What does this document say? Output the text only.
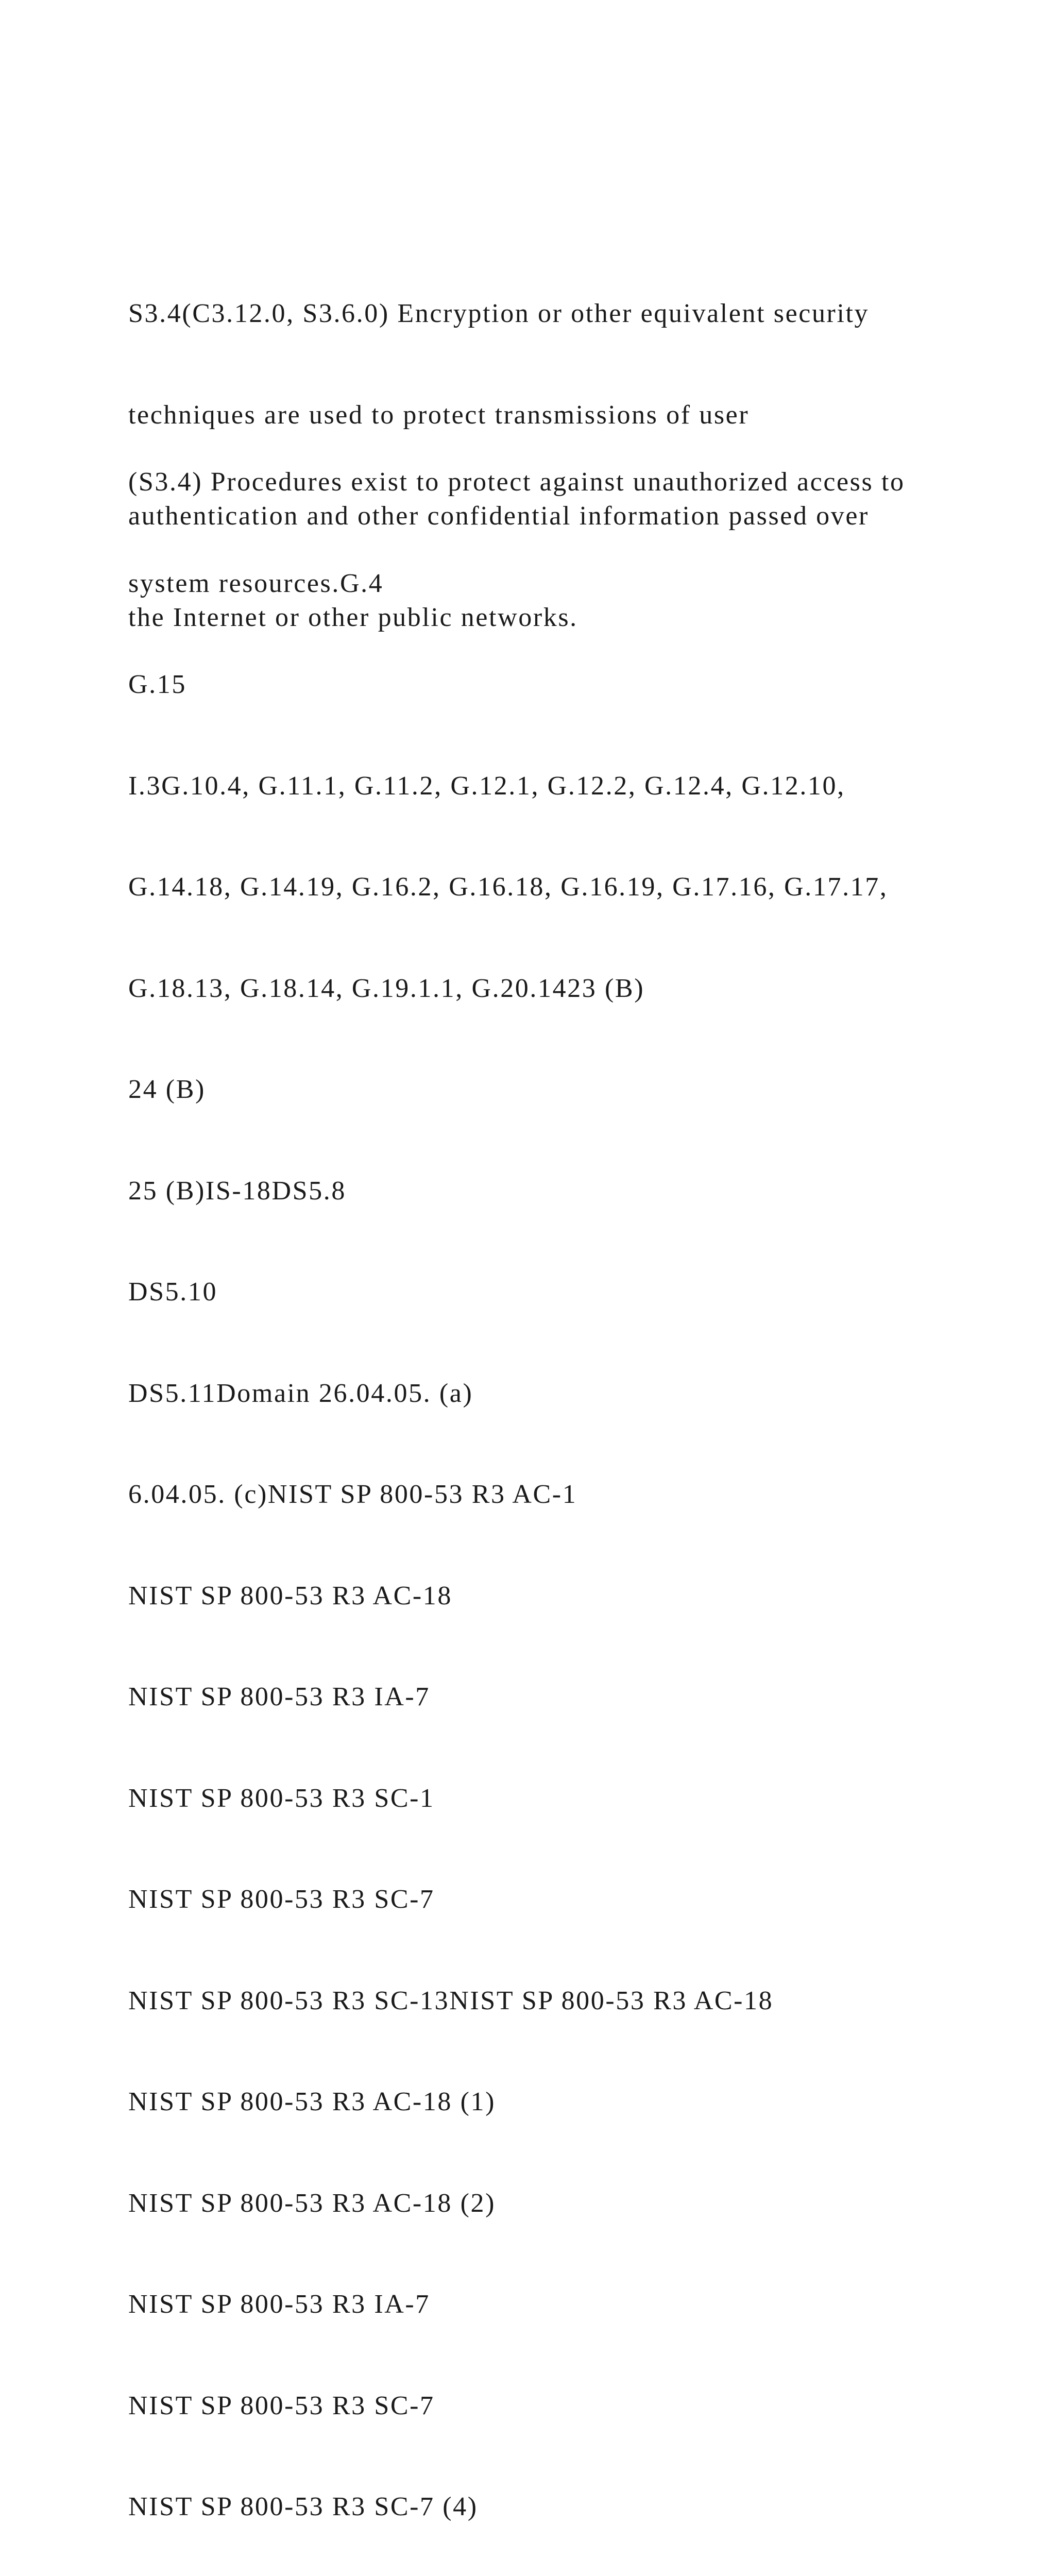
S3.4(C3.12.0, S3.6.0) Encryption or other equivalent security

techniques are used to protect transmissions of user

authentication and other confidential information passed over

the Internet or other public networks.

(S3.4) Procedures exist to protect against unauthorized access to

system resources.G.4

G.15

I.3G.10.4, G.11.1, G.11.2, G.12.1, G.12.2, G.12.4, G.12.10,

G.14.18, G.14.19, G.16.2, G.16.18, G.16.19, G.17.16, G.17.17,

G.18.13, G.18.14, G.19.1.1, G.20.1423 (B)

24 (B)

25 (B)IS-18DS5.8

DS5.10

DS5.11Domain 26.04.05. (a)

6.04.05. (c)NIST SP 800-53 R3 AC-1

NIST SP 800-53 R3 AC-18

NIST SP 800-53 R3 IA-7

NIST SP 800-53 R3 SC-1

NIST SP 800-53 R3 SC-7

NIST SP 800-53 R3 SC-13NIST SP 800-53 R3 AC-18

NIST SP 800-53 R3 AC-18 (1)

NIST SP 800-53 R3 AC-18 (2)

NIST SP 800-53 R3 IA-7

NIST SP 800-53 R3 SC-7

NIST SP 800-53 R3 SC-7 (4)
